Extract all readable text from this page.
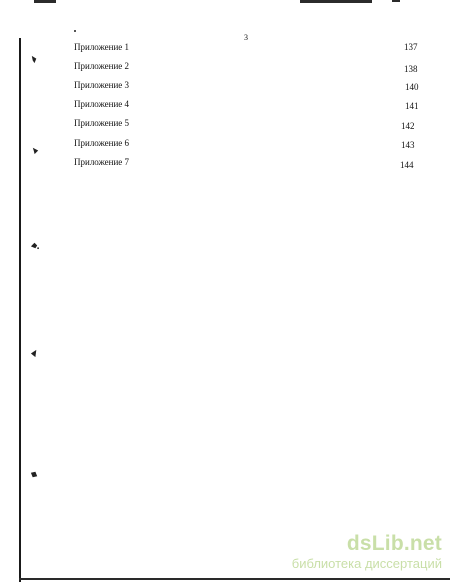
3
Приложение 1	137
Приложение 2	138
Приложение 3	140
Приложение 4	141
Приложение 5	142
Приложение 6	143
Приложение 7	144
dsLib.net
библиотека диссертаций
